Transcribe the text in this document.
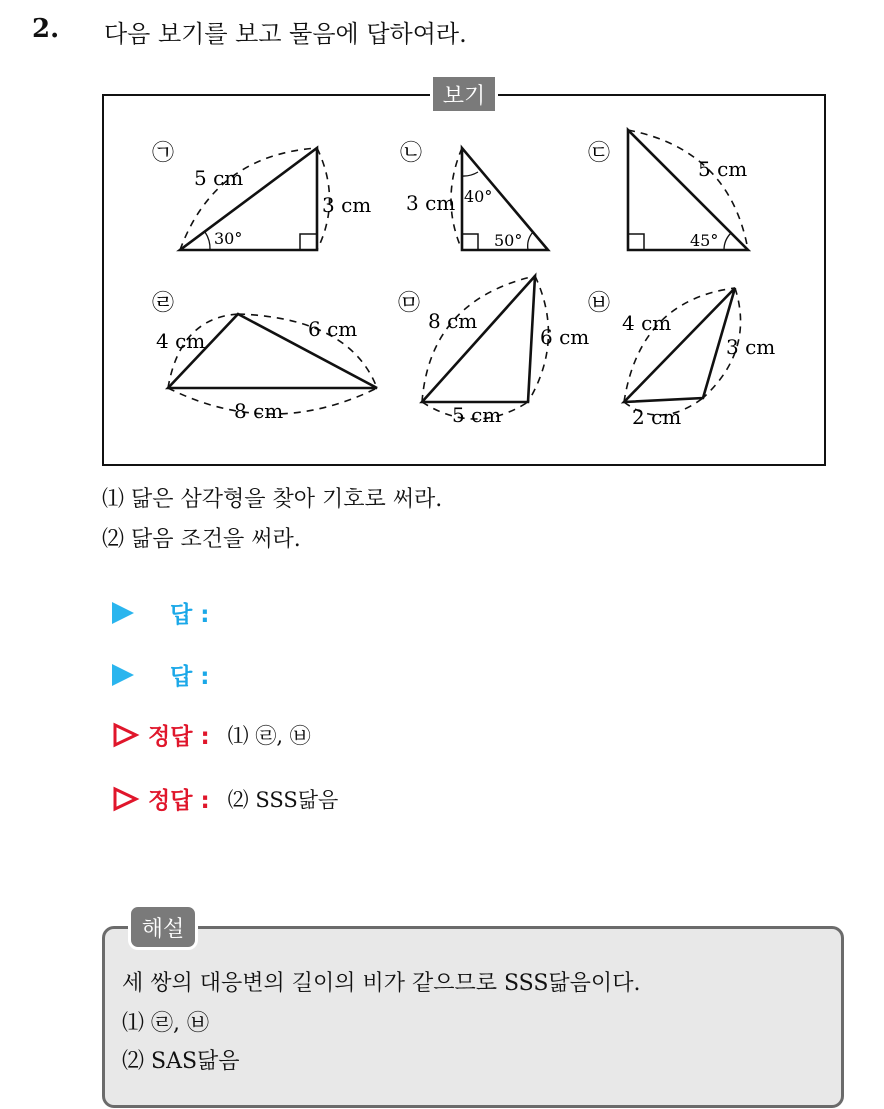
2. 다음 보기를 보고 물음에 답하여라.
보기
㉠
5 cm
3 cm
30°
㉡
3 cm 40°
50°
㉢
5 cm
45°
㉣
4 cm	6 cm
8 cm
㉤
8 cm
6 cm
5 cm
㉥
4 cm
3 cm
2 cm
⑴ 닮은 삼각형을 찾아 기호로 써라.
⑵ 닮음 조건을 써라.
답 :
답 :
정답 : ⑴ ㉣, ㉥
정답 : ⑵ SSS닮음
해설
세 쌍의 대응변의 길이의 비가 같으므로 SSS닮음이다.
⑴ ㉣, ㉥
⑵ SAS닮음
